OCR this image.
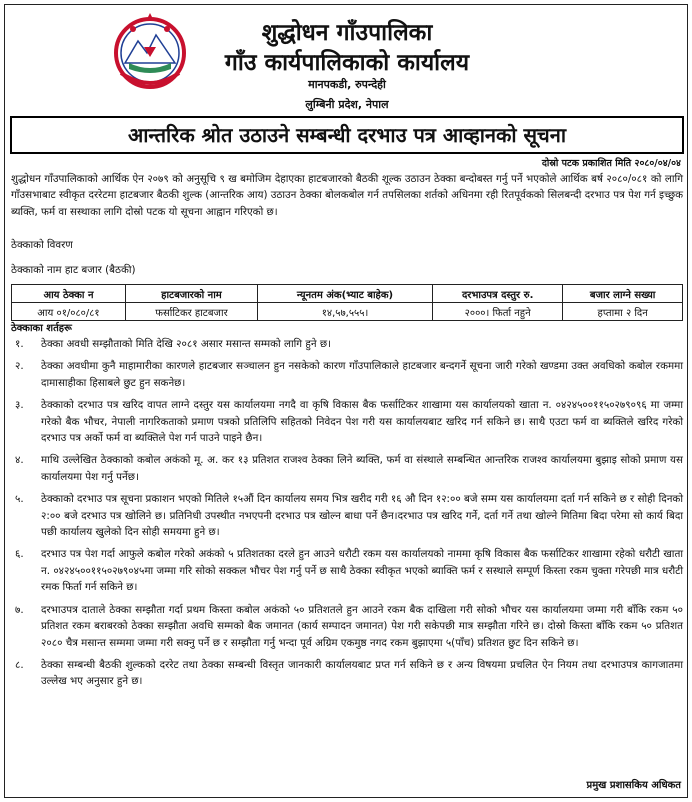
शुद्धोधन गाँउपालिका
गाँउ कार्यपालिकाको कार्यालय
मानपकडी, रुपन्देही
लुम्बिनी प्रदेश, नेपाल
आन्तरिक श्रोत उठाउने सम्बन्धी दरभाउ पत्र आव्हानको सूचना
दोस्रो पटक प्रकाशित मिति २०८०/०४/०४
शुद्धोधन गाँउपालिकाको आर्थिक ऐन २०७९ को अनुसूचि ९ ख बमोजिम देहाएका हाटबजारको बैठकी शूल्क उठाउन ठेक्का बन्दोबस्त गर्नु पर्ने भएकोले आर्थिक बर्ष २०८०/०८१ को लागि गाँउसभाबाट स्वीकृत दररेटमा हाटबजार बैठकी शुल्क (आन्तरिक आय) उठाउन ठेक्का बोलकबोल गर्न तपसिलका शर्तको अधिनमा रही रितपूर्वकको सिलबन्दी दरभाउ पत्र पेश गर्न इच्छुक ब्यक्ति, फर्म वा सस्थाका लागि दोस्रो पटक यो सूचना आह्वान गरिएको छ।
ठेक्काको विवरण
ठेक्काको नाम हाट बजार (बैठकी)
आय ठेक्का न	हाटबजारको नाम	न्यूनतम अंक(भ्याट बाहेक)	दरभाउपत्र दस्तुर रु.	बजार लाग्ने सख्या
आय ०१/०८०/८१	फर्साटिकर हाटबजार	१४,५७,५५५।	२०००। फिर्ता नहुने	हप्तामा २ दिन
ठेक्काका शर्तहरू
१.	ठेक्का अवधी सम्झौताको मिति देखि २०८१ असार मसान्त सम्मको लागि हुने छ।
२.	ठेक्का अवधीमा कुनै माहामारीका कारणले हाटबजार सञ्चालन हुन नसकेको कारण गाँउपालिकाले हाटबजार बन्दगर्ने सूचना जारी गरेको खण्डमा उक्त अवधिको कबोल रकममा दामासाहीका हिसाबले छुट हुन सकनेछ।
३.	ठेक्काको दरभाउ पत्र खरिद वापत लाग्ने दस्तुर यस कार्यालयमा नगदै वा कृषि विकास बैक फर्साटिकर शाखामा यस कार्यालयको खाता न. ०४२४५००११५०२७९०९६ मा जम्मा गरेको बैक भौचर, नेपाली नागरिकताको प्रमाण पत्रको प्रतिलिपि सहितको निवेदन पेश गरी यस कार्यालयबाट खरिद गर्न सकिने छ। साथै एउटा फर्म वा ब्यक्तिले खरिद गरेको दरभाउ पत्र अर्को फर्म वा ब्यक्तिले पेश गर्न पाउने पाइने छैन।
४.	माथि उल्लेखित ठेक्काको कबोल अकंको मू. अ. कर १३ प्रतिशत राजश्व ठेक्का लिने ब्यक्ति, फर्म वा संस्थाले सम्बन्धित आन्तरिक राजश्व कार्यालयमा बुझाइ सोको प्रमाण यस कार्यालयमा पेश गर्नु पर्नेछ।
५.	ठेक्काको दरभाउ पत्र सूचना प्रकाशन भएको मितिले १५औं दिन कार्यालय समय भित्र खरीद गरी १६ औ दिन १२:०० बजे सम्म यस कार्यालयमा दर्ता गर्न सकिने छ र सोही दिनको २:०० बजे दरभाउ पत्र खोलिने छ। प्रतिनिधी उपस्थीत नभएपनी दरभाउ पत्र खोल्न बाधा पर्ने छैन।दरभाउ पत्र खरिद गर्ने, दर्ता गर्ने तथा खोल्ने मितिमा बिदा परेमा सो कार्य बिदा पछी कार्यालय खुलेको दिन सोही समयमा हुने छ।
६.	दरभाउ पत्र पेश गर्दा आफुले कबोल गरेको अकंको ५ प्रतिशतका दरले हुन आउने धरौटी रकम यस कार्यालयको नाममा कृषि विकास बैक फर्साटिकर शाखामा रहेको धरौटी खाता न. ०४२४५००११५०२७९०४५मा जम्मा गरि सोको सक्कल भौचर पेश गर्नु पर्ने छ साथै ठेक्का स्वीकृत भएको ब्याक्ति फर्म र सस्थाले सम्पूर्ण किस्ता रकम चुक्ता गरेपछी मात्र धरौटी रमक फिर्ता गर्न सकिने छ।
७.	दरभाउपत्र दाताले ठेक्का सम्झौता गर्दा प्रथम किस्ता कबोल अकंको ५० प्रतिशतले हुन आउने रकम बैक दाखिला गरी सोको भौचर यस कार्यालयमा जम्मा गरी बाँकि रकम ५० प्रतिशत रकम बराबरको ठेक्का सम्झौता अवधि सम्मको बैक जमानत (कार्य सम्पादन जमानत) पेश गरी सकेपछी मात्र सम्झौता गरिने छ। दोस्रो किस्ता बाँकि रकम ५० प्रतिशत २०८० चैत्र मसान्त सम्ममा जम्मा गरी सक्नु पर्ने छ र सम्झौता गर्नु भन्दा पूर्व अग्रिम एकमुष्ठ नगद रकम बुझाएमा ५(पाँच) प्रतिशत छुट दिन सकिने छ।
८.	ठेक्का सम्बन्धी बैठकी शुल्कको दररेट तथा ठेक्का सम्बन्धी विस्तृत जानकारी कार्यालयबाट प्रप्त गर्न सकिने छ र अन्य विषयमा प्रचलित ऐन नियम तथा दरभाउपत्र कागजातमा उल्लेख भए अनुसार हुने छ।
प्रमुख प्रशासकिय अधिकत
